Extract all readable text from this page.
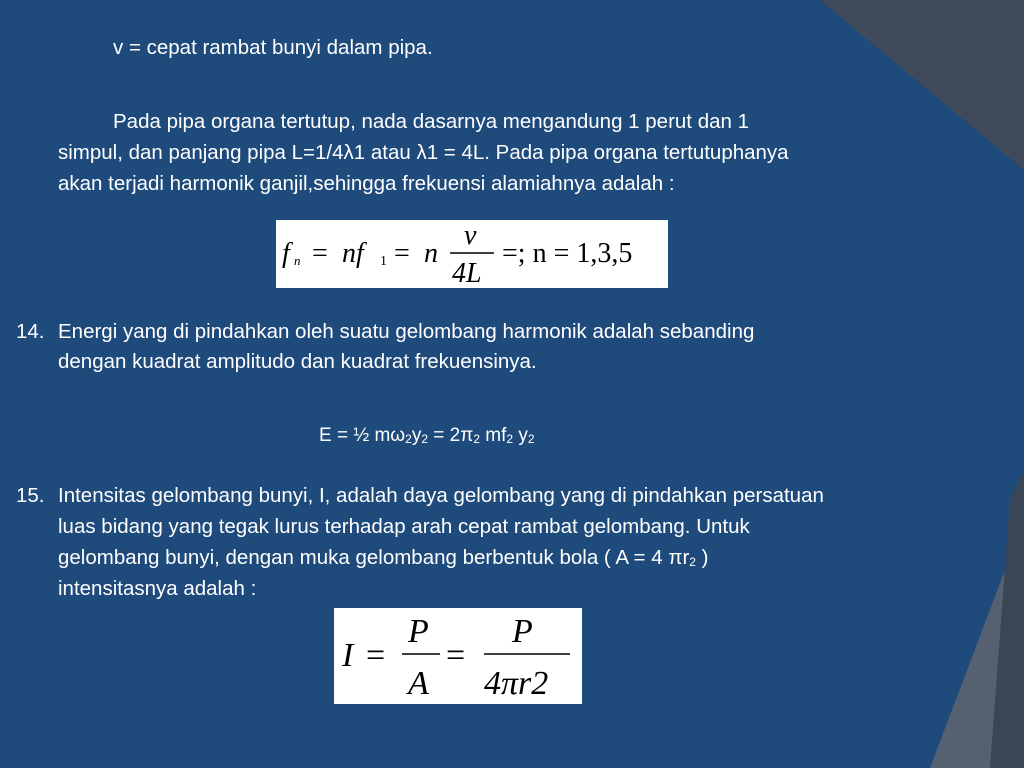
v = cepat rambat bunyi dalam pipa.
Pada pipa organa tertutup, nada dasarnya mengandung 1 perut dan 1
simpul, dan panjang pipa L=1/4λ1 atau λ1 = 4L. Pada pipa organa tertutuphanya
akan terjadi harmonik ganjil,sehingga frekuensi alamiahnya adalah :
f n = nf 1 = n
v
4L
=; n = 1,3,5
14. Energi yang di pindahkan oleh suatu gelombang harmonik adalah sebanding
dengan kuadrat amplitudo dan kuadrat frekuensinya.
E = ½ mω2y2 = 2π2 mf2 y2
15. Intensitas gelombang bunyi, I, adalah daya gelombang yang di pindahkan persatuan
luas bidang yang tegak lurus terhadap arah cepat rambat gelombang. Untuk
gelombang bunyi, dengan muka gelombang berbentuk bola ( A = 4 πr2 )
intensitasnya adalah :
I =
P
A
=
P
4πr2
